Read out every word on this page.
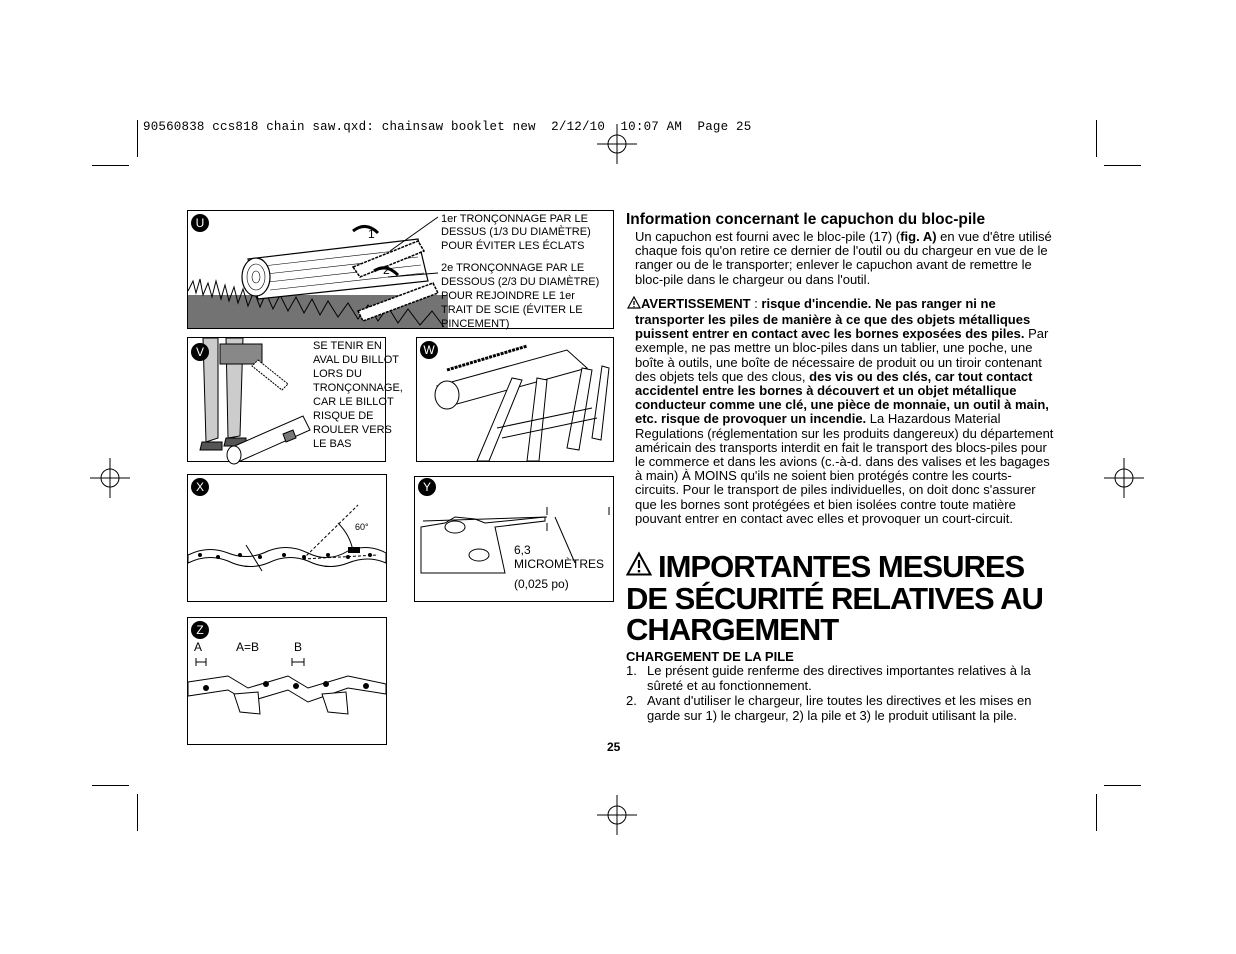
90560838 ccs818 chain saw.qxd: chainsaw booklet new  2/12/10  10:07 AM  Page 25
U
1
2
1er TRONÇONNAGE PAR LE
DESSUS (1/3 DU DIAMÈTRE)
POUR ÉVITER LES ÉCLATS
2e TRONÇONNAGE PAR LE
DESSOUS (2/3 DU DIAMÈTRE)
POUR REJOINDRE LE 1er
TRAIT DE SCIE (ÉVITER LE
PINCEMENT)
V	SE TENIR EN
AVAL DU BILLOT
LORS DU
TRONÇONNAGE,
CAR LE BILLOT
RISQUE DE
ROULER VERS
LE BAS
W
X
60°
Y
6,3
MICROMÈTRES
(0,025 po)
Z
A	A=B	B
Information concernant le capuchon du bloc-pile

Un capuchon est fourni avec le bloc-pile (17) (fig. A) en vue d'être utilisé chaque fois qu'on retire ce dernier de l'outil ou du chargeur en vue de le ranger ou de le transporter; enlever le capuchon avant de remettre le bloc-pile dans le chargeur ou dans l'outil.

AVERTISSEMENT : risque d'incendie. Ne pas ranger ni ne

transporter les piles de manière à ce que des objets métalliques puissent entrer en contact avec les bornes exposées des piles. Par exemple, ne pas mettre un bloc-piles dans un tablier, une poche, une boîte à outils, une boîte de nécessaire de produit ou un tiroir contenant des objets tels que des clous, des vis ou des clés, car tout contact accidentel entre les bornes à découvert et un objet métallique conducteur comme une clé, une pièce de monnaie, un outil à main, etc. risque de provoquer un incendie. La Hazardous Material Regulations (réglementation sur les produits dangereux) du département américain des transports interdit en fait le transport des blocs-piles pour le commerce et dans les avions (c.-à-d. dans des valises et les bagages à main) À MOINS qu'ils ne soient bien protégés contre les courts-circuits. Pour le transport de piles individuelles, on doit donc s'assurer que les bornes sont protégées et bien isolées contre toute matière pouvant entrer en contact avec elles et provoquer un court-circuit.

IMPORTANTES MESURES
DE SÉCURITÉ RELATIVES AU
CHARGEMENT
CHARGEMENT DE LA PILE
1. Le présent guide renferme des directives importantes relatives à la sûreté et au fonctionnement.
2. Avant d'utiliser le chargeur, lire toutes les directives et les mises en garde sur 1) le chargeur, 2) la pile et 3) le produit utilisant la pile.
25
